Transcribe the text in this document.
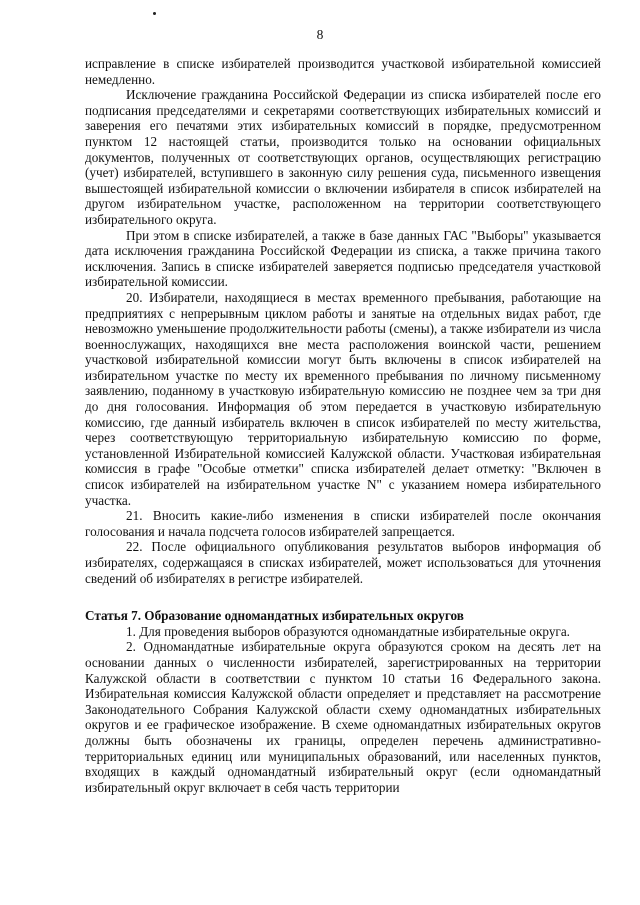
8

исправление в списке избирателей производится участковой избирательной комиссией немедленно.

Исключение гражданина Российской Федерации из списка избирателей после его подписания председателями и секретарями соответствующих избирательных комиссий и заверения его печатями этих избирательных комиссий в порядке, предусмотренном пунктом 12 настоящей статьи, производится только на основании официальных документов, полученных от соответствующих органов, осуществляющих регистрацию (учет) избирателей, вступившего в законную силу решения суда, письменного извещения вышестоящей избирательной комиссии о включении избирателя в список избирателей на другом избирательном участке, расположенном на территории соответствующего избирательного округа.

При этом в списке избирателей, а также в базе данных ГАС "Выборы" указывается дата исключения гражданина Российской Федерации из списка, а также причина такого исключения. Запись в списке избирателей заверяется подписью председателя участковой избирательной комиссии.

20. Избиратели, находящиеся в местах временного пребывания, работающие на предприятиях с непрерывным циклом работы и занятые на отдельных видах работ, где невозможно уменьшение продолжительности работы (смены), а также избиратели из числа военнослужащих, находящихся вне места расположения воинской части, решением участковой избирательной комиссии могут быть включены в список избирателей на избирательном участке по месту их временного пребывания по личному письменному заявлению, поданному в участковую избирательную комиссию не позднее чем за три дня до дня голосования. Информация об этом передается в участковую избирательную комиссию, где данный избиратель включен в список избирателей по месту жительства, через соответствующую территориальную избирательную комиссию по форме, установленной Избирательной комиссией Калужской области. Участковая избирательная комиссия в графе "Особые отметки" списка избирателей делает отметку: "Включен в список избирателей на избирательном участке N" с указанием номера избирательного участка.

21. Вносить какие-либо изменения в списки избирателей после окончания голосования и начала подсчета голосов избирателей запрещается.

22. После официального опубликования результатов выборов информация об избирателях, содержащаяся в списках избирателей, может использоваться для уточнения сведений об избирателях в регистре избирателей.

Статья 7. Образование одномандатных избирательных округов

1. Для проведения выборов образуются одномандатные избирательные округа.

2. Одномандатные избирательные округа образуются сроком на десять лет на основании данных о численности избирателей, зарегистрированных на территории Калужской области в соответствии с пунктом 10 статьи 16 Федерального закона. Избирательная комиссия Калужской области определяет и представляет на рассмотрение Законодательного Собрания Калужской области схему одномандатных избирательных округов и ее графическое изображение. В схеме одномандатных избирательных округов должны быть обозначены их границы, определен перечень административно-территориальных единиц или муниципальных образований, или населенных пунктов, входящих в каждый одномандатный избирательный округ (если одномандатный избирательный округ включает в себя часть территории
